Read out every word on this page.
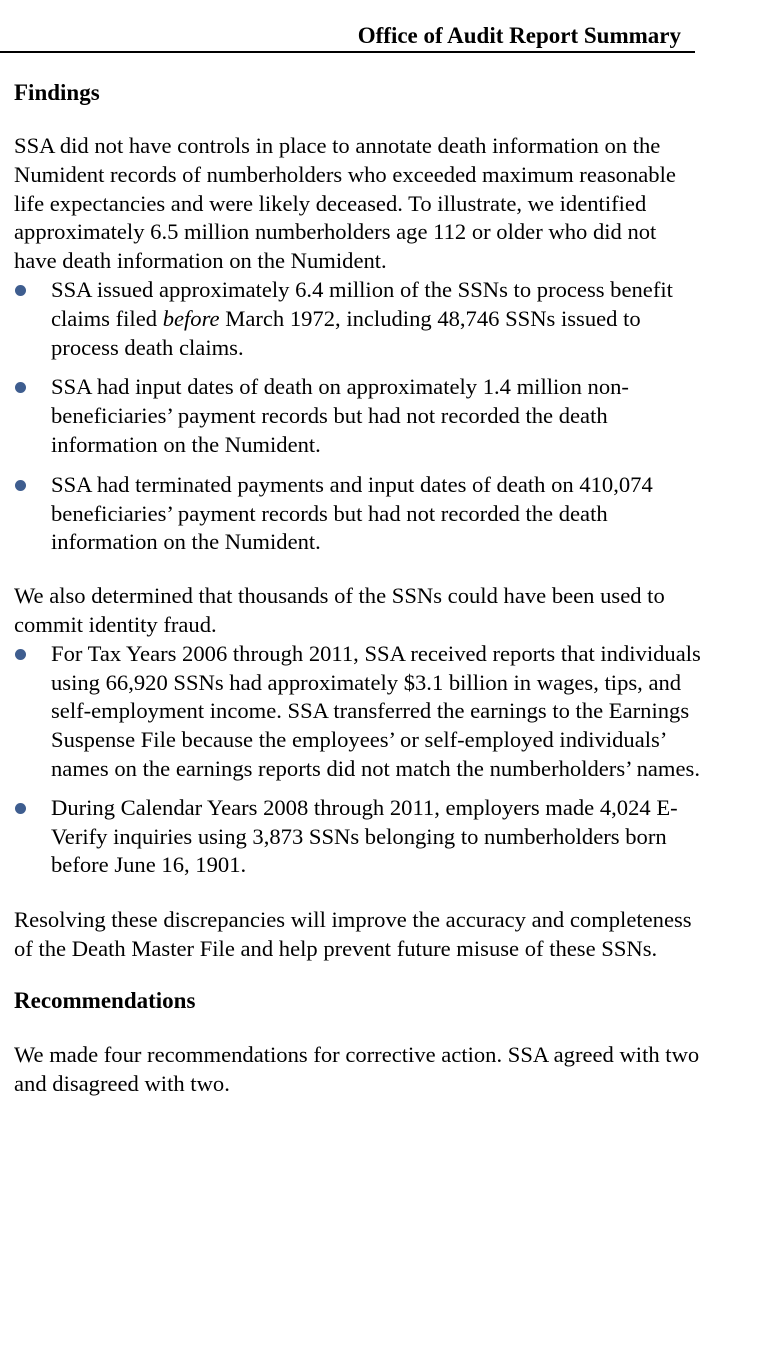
Office of Audit Report Summary
Findings

SSA did not have controls in place to annotate death information on the Numident records of numberholders who exceeded maximum reasonable life expectancies and were likely deceased. To illustrate, we identified approximately 6.5 million numberholders age 112 or older who did not have death information on the Numident.

SSA issued approximately 6.4 million of the SSNs to process benefit claims filed before March 1972, including 48,746 SSNs issued to process death claims.
SSA had input dates of death on approximately 1.4 million non-beneficiaries’ payment records but had not recorded the death information on the Numident.
SSA had terminated payments and input dates of death on 410,074 beneficiaries’ payment records but had not recorded the death information on the Numident.

We also determined that thousands of the SSNs could have been used to commit identity fraud.

For Tax Years 2006 through 2011, SSA received reports that individuals using 66,920 SSNs had approximately $3.1 billion in wages, tips, and self-employment income. SSA transferred the earnings to the Earnings Suspense File because the employees’ or self-employed individuals’ names on the earnings reports did not match the numberholders’ names.
During Calendar Years 2008 through 2011, employers made 4,024 E-Verify inquiries using 3,873 SSNs belonging to numberholders born before June 16, 1901.

Resolving these discrepancies will improve the accuracy and completeness of the Death Master File and help prevent future misuse of these SSNs.

Recommendations

We made four recommendations for corrective action. SSA agreed with two and disagreed with two.
